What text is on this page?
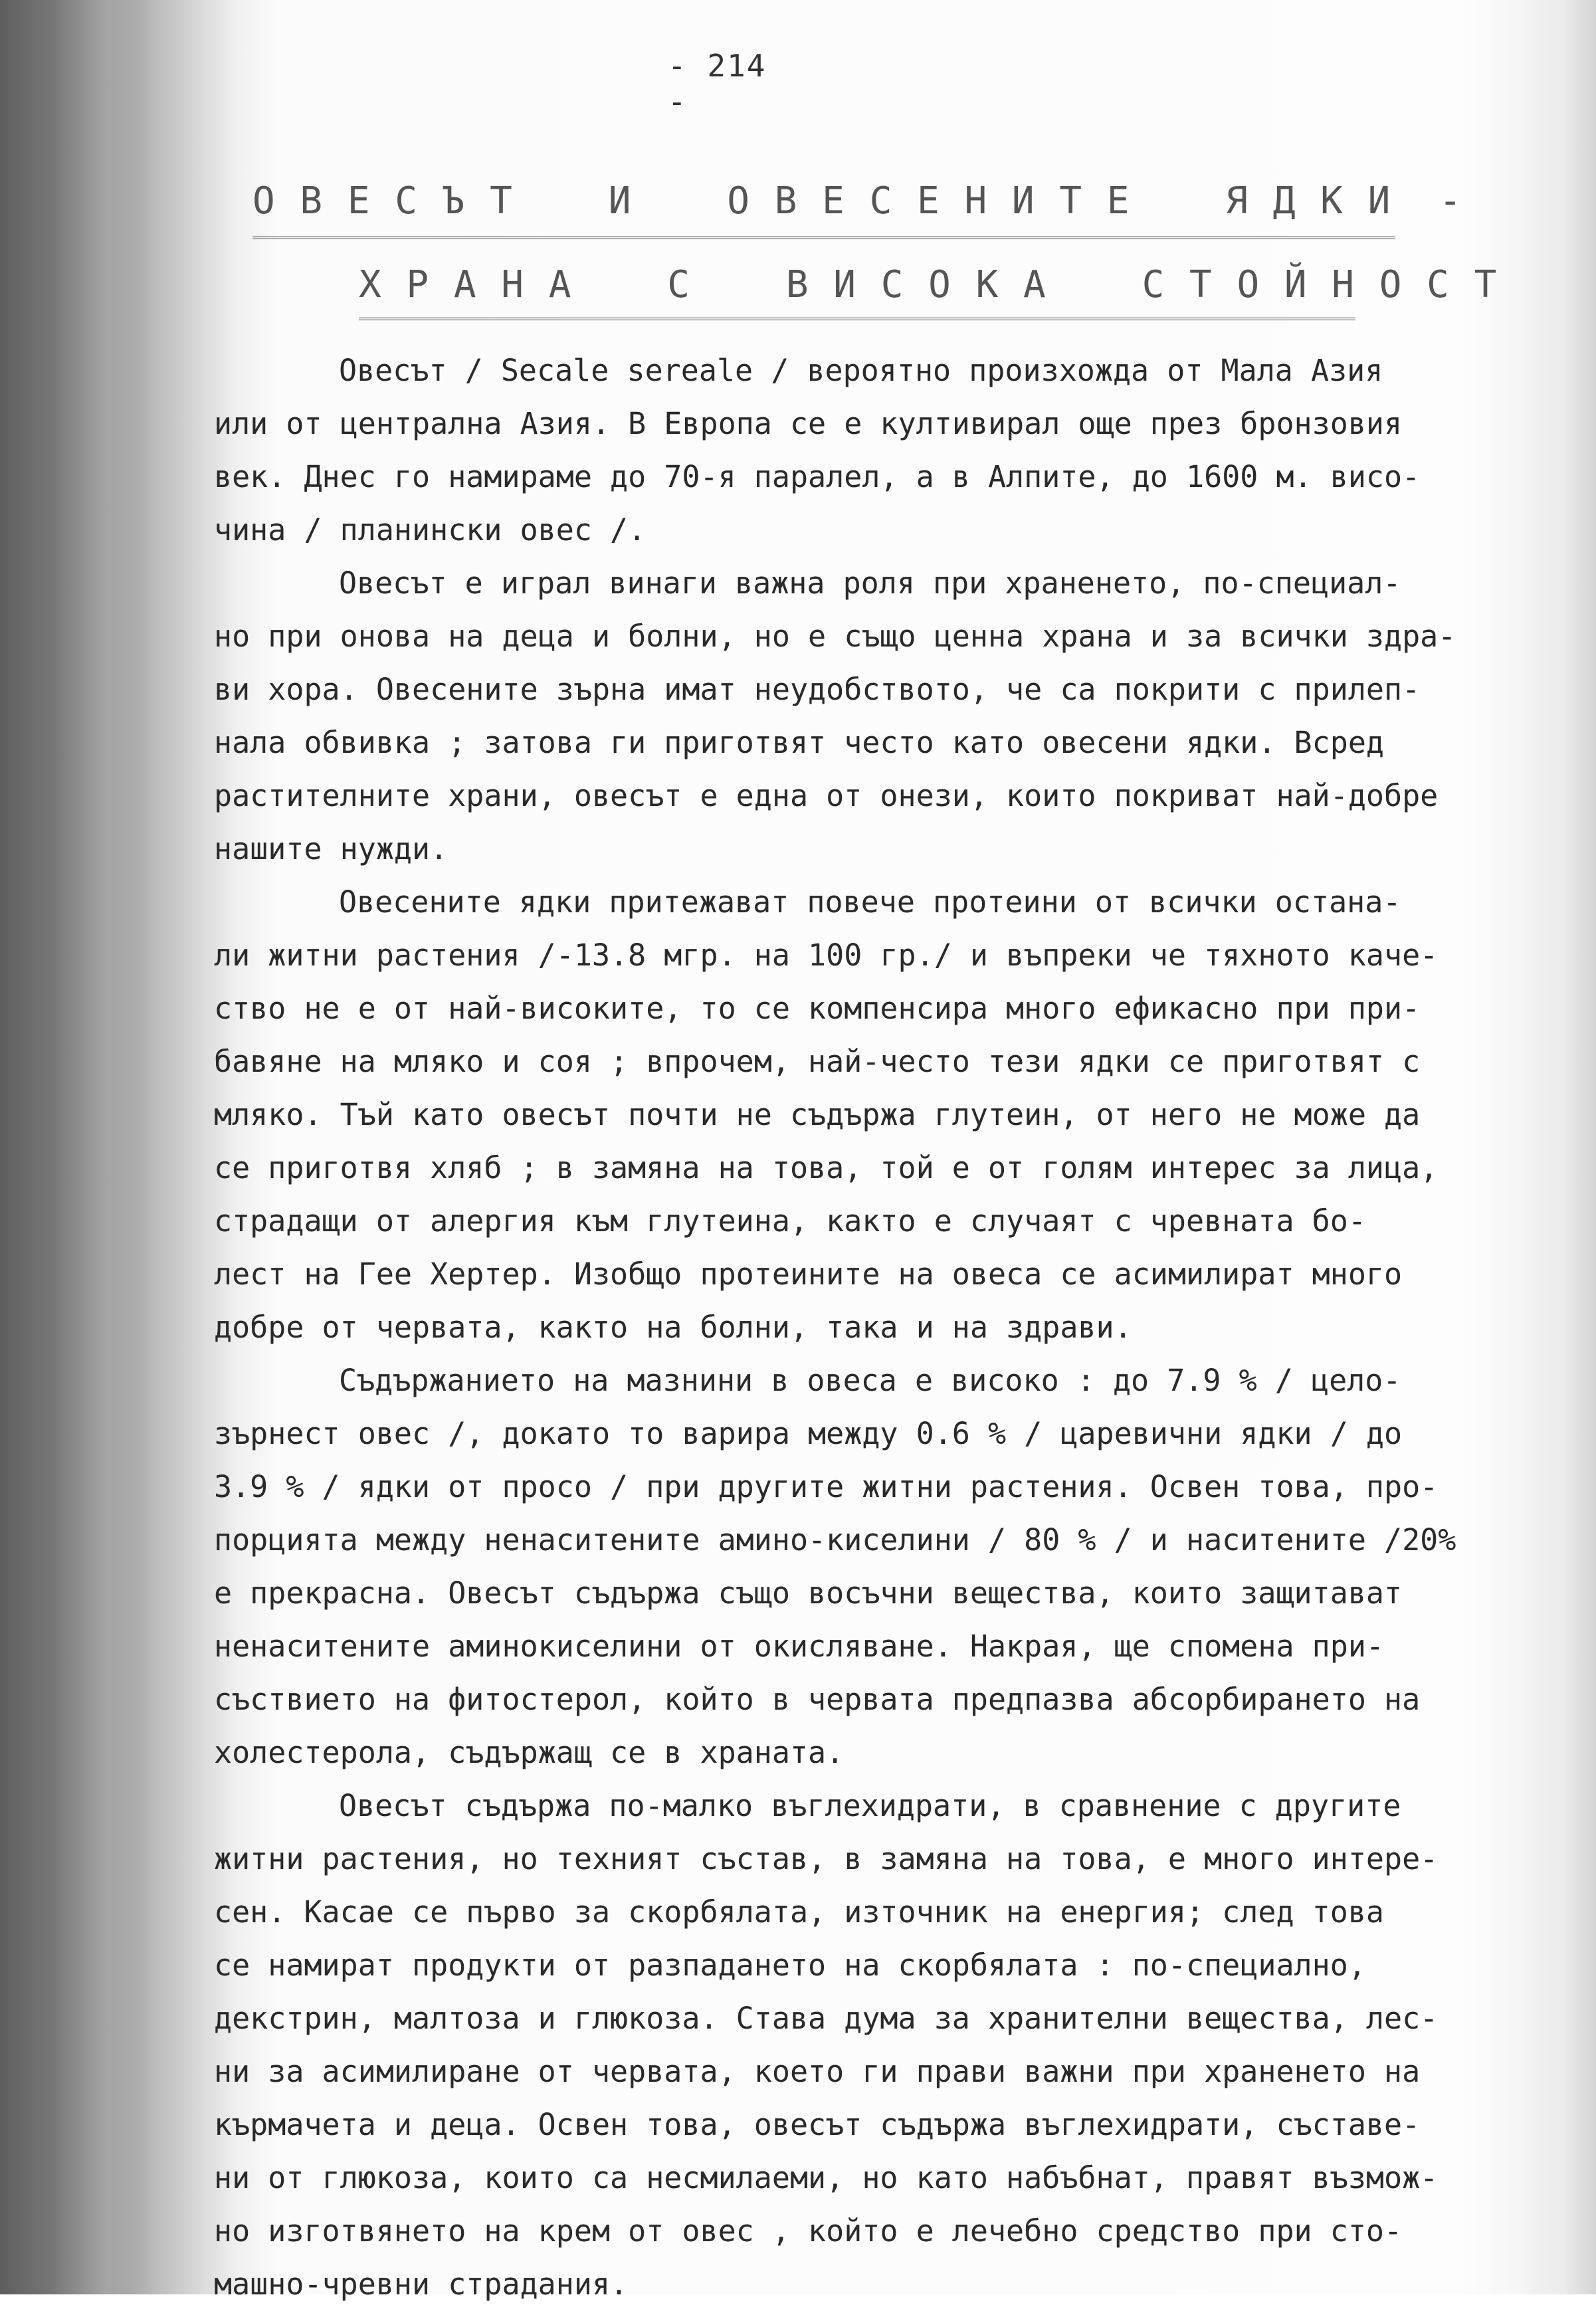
- 214 -
О В Е С Ъ Т    И    О В Е С Е Н И Т Е    Я Д К И  -
Х Р А Н А    С    В И С О К А    С Т О Й Н О С Т
Овесът / Secale sereale / вероятно произхожда от Мала Азия
или от централна Азия. В Европа се е култивирал още през бронзовия
век. Днес го намираме до 70-я паралел, а в Алпите, до 1600 м. висо-
чина / планински овес /.
Овесът е играл винаги важна роля при храненето, по-специал-
но при онова на деца и болни, но е също ценна храна и за всички здра-
ви хора. Овесените зърна имат неудобството, че са покрити с прилеп-
нала обвивка ; затова ги приготвят често като овесени ядки. Всред
растителните храни, овесът е една от онези, които покриват най-добре
нашите нужди.
Овесените ядки притежават повече протеини от всички остана-
ли житни растения /-13.8 мгр. на 100 гр./ и въпреки че тяхното каче-
ство не е от най-високите, то се компенсира много ефикасно при при-
бавяне на мляко и соя ; впрочем, най-често тези ядки се приготвят с
мляко. Тъй като овесът почти не съдържа глутеин, от него не може да
се приготвя хляб ; в замяна на това, той е от голям интерес за лица,
страдащи от алергия към глутеина, както е случаят с чревната бо-
лест на Гее Хертер. Изобщо протеините на овеса се асимилират много
добре от червата, както на болни, така и на здрави.
Съдържанието на мазнини в овеса е високо : до 7.9 % / цело-
зърнест овес /, докато то варира между 0.6 % / царевични ядки / до
3.9 % / ядки от просо / при другите житни растения. Освен това, про-
порцията между ненаситените амино-киселини / 80 % / и наситените /20%
е прекрасна. Овесът съдържа също восъчни вещества, които защитават
ненаситените аминокиселини от окисляване. Накрая, ще спомена при-
съствието на фитостерол, който в червата предпазва абсорбирането на
холестерола, съдържащ се в храната.
Овесът съдържа по-малко въглехидрати, в сравнение с другите
житни растения, но техният състав, в замяна на това, е много интере-
сен. Касае се първо за скорбялата, източник на енергия; след това
се намират продукти от разпадането на скорбялата : по-специално,
декстрин, малтоза и глюкоза. Става дума за хранителни вещества, лес-
ни за асимилиране от червата, което ги прави важни при храненето на
кърмачета и деца. Освен това, овесът съдържа въглехидрати, съставе-
ни от глюкоза, които са несмилаеми, но като набъбнат, правят възмож-
но изготвянето на крем от овес , който е лечебно средство при сто-
машно-чревни страдания.
